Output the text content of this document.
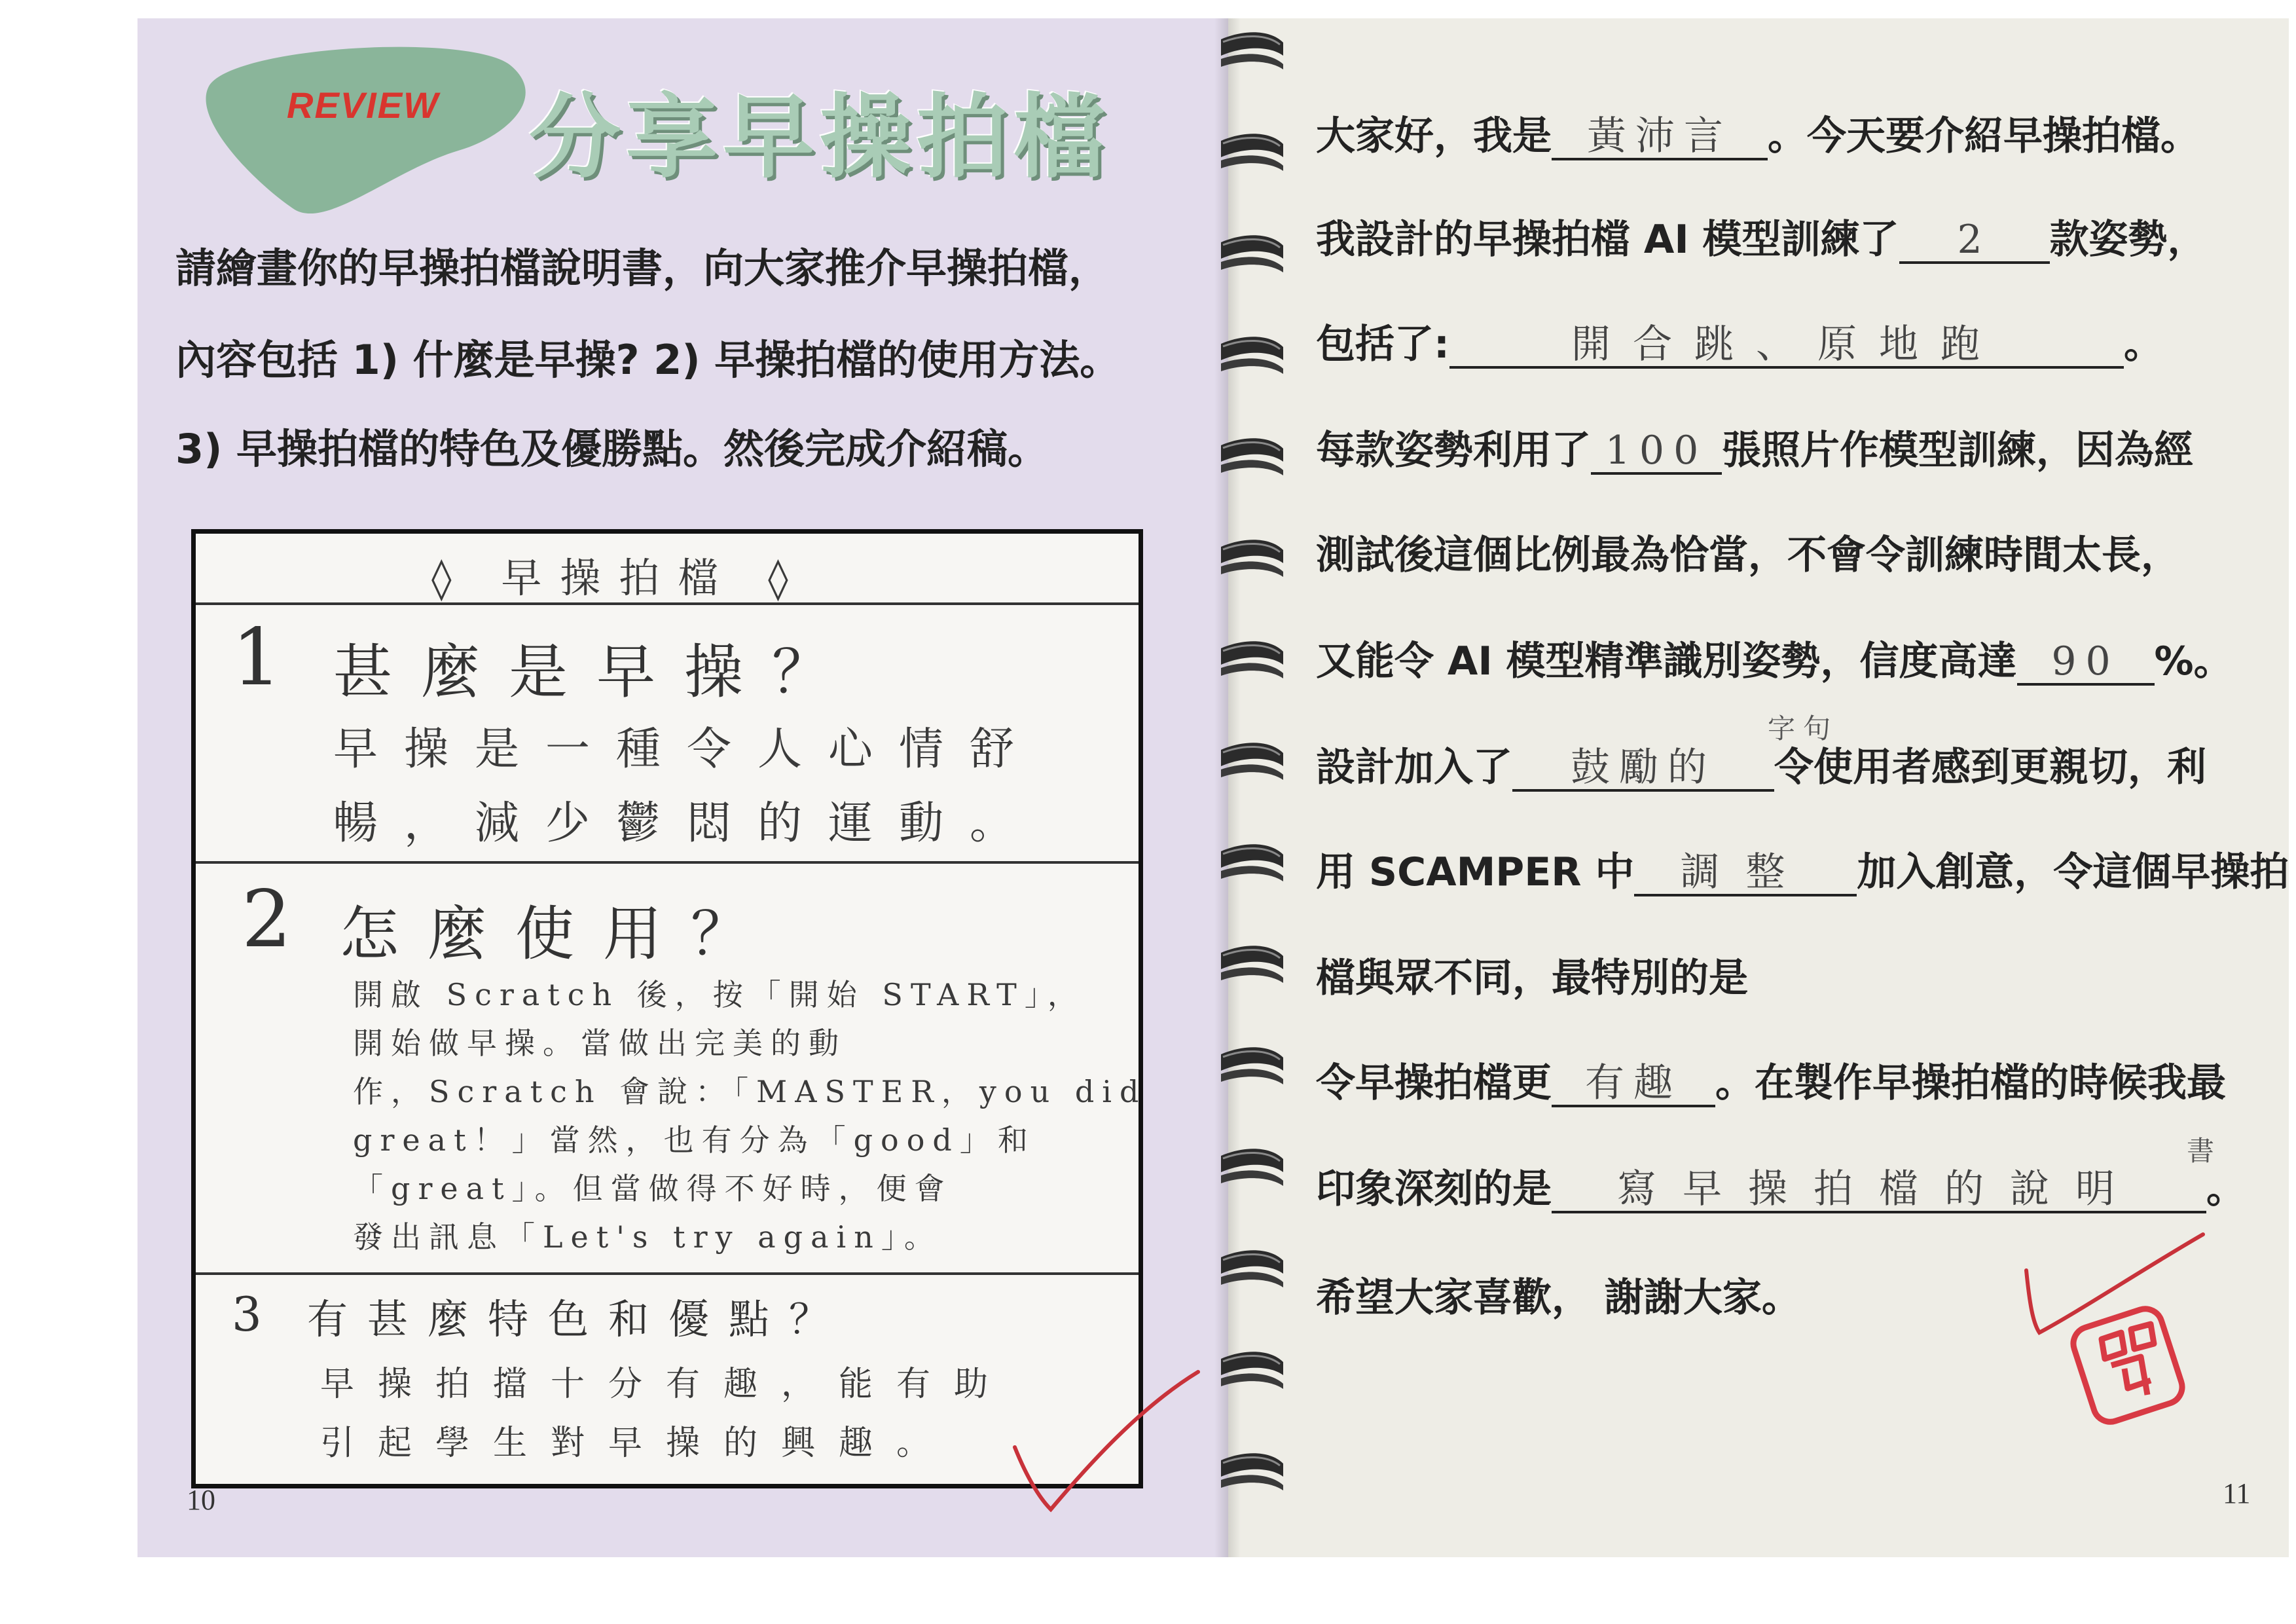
REVIEW 分享早操拍檔
請繪畫你的早操拍檔說明書，向大家推介早操拍檔，
內容包括 1) 什麼是早操? 2) 早操拍檔的使用方法。
3) 早操拍檔的特色及優勝點。然後完成介紹稿。
◊ 早操拍檔 ◊
1 甚麼是早操？
早操是一種令人心情舒
暢，減少鬱悶的運動。
2 怎麼使用？
開啟 Scratch 後，按「開始 START」，
開始做早操。當做出完美的動
作，Scratch 會說：「MASTER，you did
great！」當然，也有分為「good」和
「great」。但當做得不好時，便會
發出訊息「Let's try again」。
3 有甚麼特色和優點？
早操拍擋十分有趣，能有助
引起學生對早操的興趣。
10	11
大家好，我是 黃沛言 。今天要介紹早操拍檔。
我設計的早操拍檔 AI 模型訓練了 2 款姿勢，
包括了:	開合跳、原地跑	。
每款姿勢利用了 100 張照片作模型訓練，因為經
測試後這個比例最為恰當，不會令訓練時間太長，
又能令 AI 模型精準識別姿勢，信度高達 90 %。
字句
設計加入了 鼓勵的 令使用者感到更親切，利
用 SCAMPER 中 調整 加入創意，令這個早操拍
檔與眾不同，最特別的是
令早操拍檔更 有趣 。在製作早操拍檔的時候我最
書
印象深刻的是 寫早操拍檔的說明 。
希望大家喜歡， 謝謝大家。
